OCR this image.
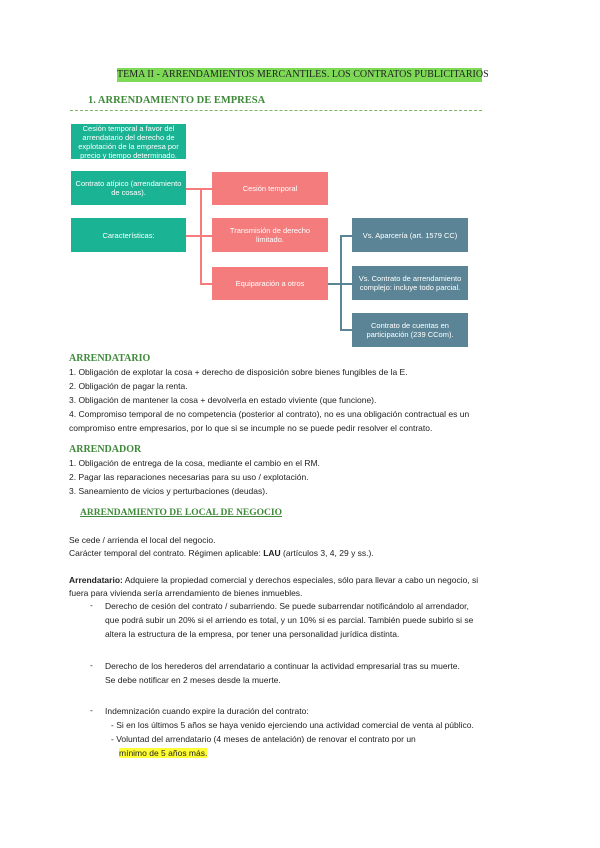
TEMA II - ARRENDAMIENTOS MERCANTILES. LOS CONTRATOS PUBLICITARIOS
1. ARRENDAMIENTO DE EMPRESA
Cesión temporal a favor del arrendatario del derecho de explotación de la empresa por precio y tiempo determinado.
Contrato atípico (arrendamiento de cosas).
Características:
Cesión temporal
Transmisión de derecho limitado.
Equiparación a otros
Vs. Aparcería (art. 1579 CC)
Vs. Contrato de arrendamiento complejo: incluye todo parcial.
Contrato de cuentas en participación (239 CCom).
ARRENDATARIO
1. Obligación de explotar la cosa + derecho de disposición sobre bienes fungibles de la E.
2. Obligación de pagar la renta.
3. Obligación de mantener la cosa + devolverla en estado viviente (que funcione).
4. Compromiso temporal de no competencia (posterior al contrato), no es una obligación contractual es un
compromiso entre empresarios, por lo que si se incumple no se puede pedir resolver el contrato.
ARRENDADOR
1. Obligación de entrega de la cosa, mediante el cambio en el RM.
2. Pagar las reparaciones necesarias para su uso / explotación.
3. Saneamiento de vicios y perturbaciones (deudas).
ARRENDAMIENTO DE LOCAL DE NEGOCIO
Se cede / arrienda el local del negocio.
Carácter temporal del contrato. Régimen aplicable: LAU (artículos 3, 4, 29 y ss.).
Arrendatario: Adquiere la propiedad comercial y derechos especiales, sólo para llevar a cabo un negocio, si
fuera para vivienda sería arrendamiento de bienes inmuebles.
- Derecho de cesión del contrato / subarriendo. Se puede subarrendar notificándolo al arrendador,
que podrá subir un 20% si el arriendo es total, y un 10% si es parcial. También puede subirlo si se
altera la estructura de la empresa, por tener una personalidad jurídica distinta.
- Derecho de los herederos del arrendatario a continuar la actividad empresarial tras su muerte.
Se debe notificar en 2 meses desde la muerte.
- Indemnización cuando expire la duración del contrato:
- Si en los últimos 5 años se haya venido ejerciendo una actividad comercial de venta al público.
- Voluntad del arrendatario (4 meses de antelación) de renovar el contrato por un
mínimo de 5 años más.
